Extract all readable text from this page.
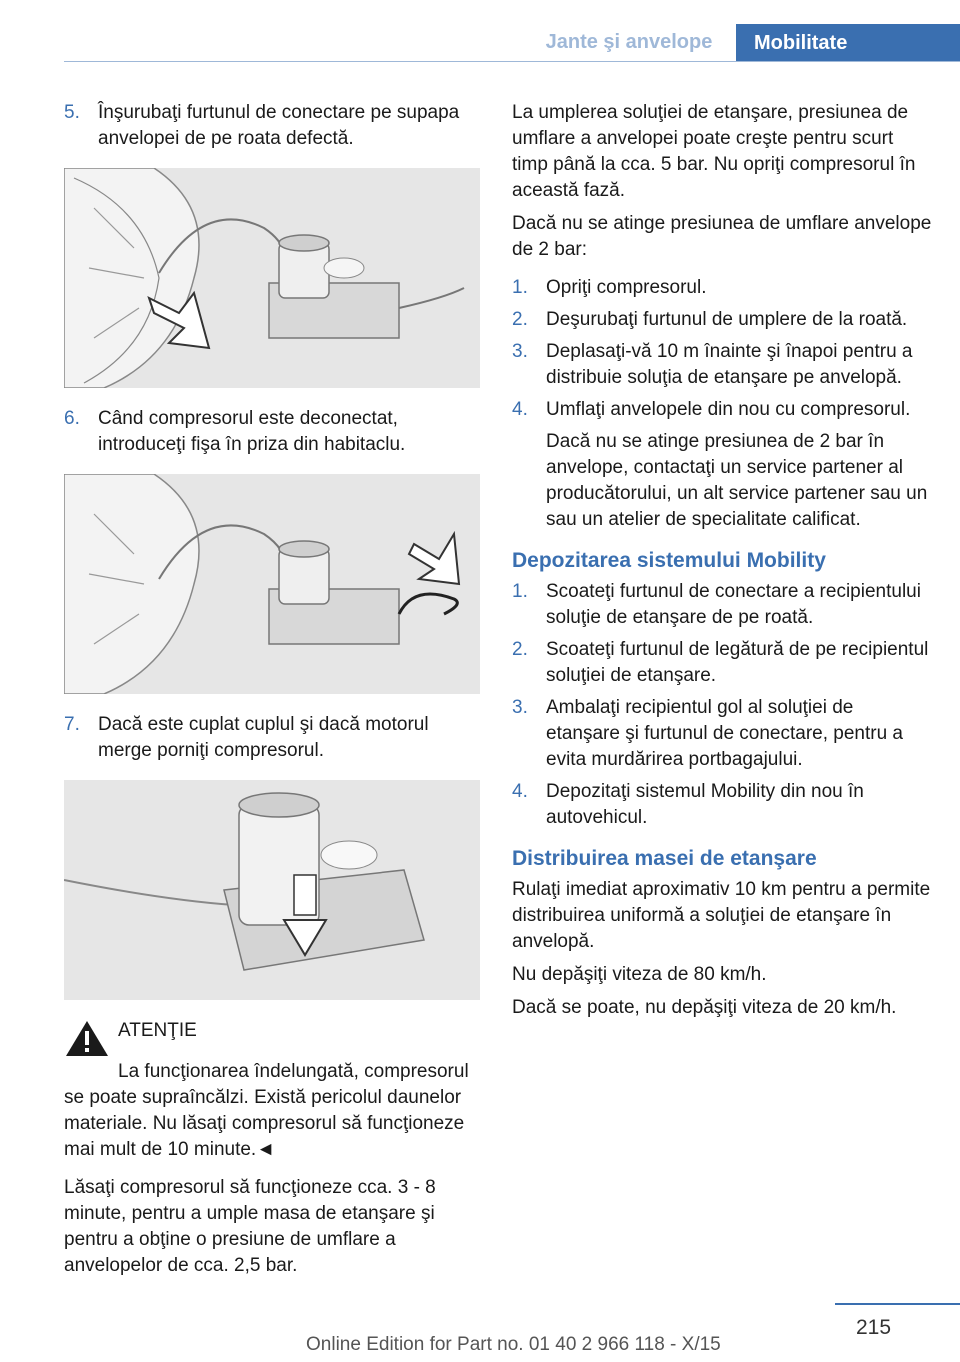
Jante şi anvelope	Mobilitate
5. Înşurubaţi furtunul de conectare pe supapa anvelopei de pe roata defectă.
6. Când compresorul este deconectat, introduceţi fişa în priza din habitaclu.
7. Dacă este cuplat cuplul şi dacă motorul merge porniţi compresorul.
ATENŢIE
La funcţionarea îndelungată, compresorul se poate supraîncălzi. Există pericolul daunelor materiale. Nu lăsaţi compresorul să funcţioneze mai mult de 10 minute.◄

Lăsaţi compresorul să funcţioneze cca. 3 - 8 minute, pentru a umple masa de etanşare şi pentru a obţine o presiune de umflare a anvelopelor de cca. 2,5 bar.

La umplerea soluţiei de etanşare, presiunea de umflare a anvelopei poate creşte pentru scurt timp până la cca. 5 bar. Nu opriţi compresorul în această fază.

Dacă nu se atinge presiunea de umflare anvelope de 2 bar:

1. Opriţi compresorul.
2. Deşurubaţi furtunul de umplere de la roată.
3. Deplasaţi-vă 10 m înainte şi înapoi pentru a distribuie soluţia de etanşare pe anvelopă.
4. Umflaţi anvelopele din nou cu compresorul.

Dacă nu se atinge presiunea de 2 bar în anvelope, contactaţi un service partener al producătorului, un alt service partener sau un sau un atelier de specialitate calificat.

Depozitarea sistemului Mobility
1. Scoateţi furtunul de conectare a recipientului soluţie de etanşare de pe roată.
2. Scoateţi furtunul de legătură de pe recipientul soluţiei de etanşare.
3. Ambalaţi recipientul gol al soluţiei de etanşare şi furtunul de conectare, pentru a evita murdărirea portbagajului.
4. Depozitaţi sistemul Mobility din nou în autovehicul.
Distribuirea masei de etanşare

Rulaţi imediat aproximativ 10 km pentru a permite distribuirea uniformă a soluţiei de etanşare în anvelopă.

Nu depăşiţi viteza de 80 km/h.

Dacă se poate, nu depăşiţi viteza de 20 km/h.

215
Online Edition for Part no. 01 40 2 966 118 - X/15
